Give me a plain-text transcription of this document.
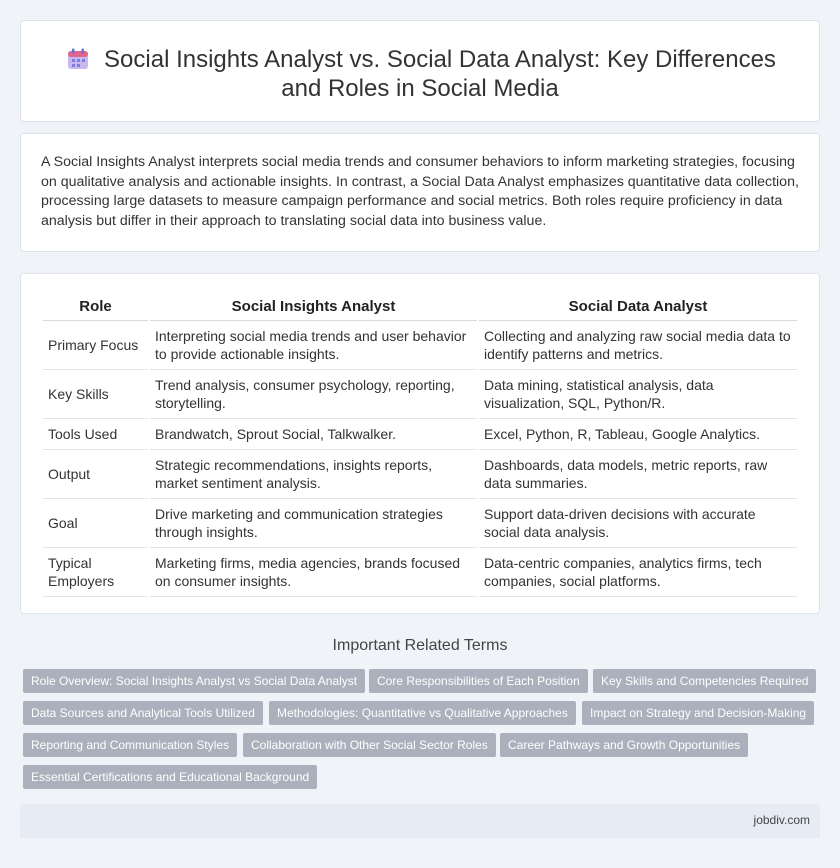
Social Insights Analyst vs. Social Data Analyst: Key Differences
and Roles in Social Media

A Social Insights Analyst interprets social media trends and consumer behaviors to inform marketing strategies, focusing on qualitative analysis and actionable insights. In contrast, a Social Data Analyst emphasizes quantitative data collection, processing large datasets to measure campaign performance and social metrics. Both roles require proficiency in data analysis but differ in their approach to translating social data into business value.

Role	Social Insights Analyst	Social Data Analyst
Primary Focus	Interpreting social media trends and user behavior to provide actionable insights.	Collecting and analyzing raw social media data to identify patterns and metrics.
Key Skills	Trend analysis, consumer psychology, reporting, storytelling.	Data mining, statistical analysis, data visualization, SQL, Python/R.
Tools Used	Brandwatch, Sprout Social, Talkwalker.	Excel, Python, R, Tableau, Google Analytics.
Output	Strategic recommendations, insights reports, market sentiment analysis.	Dashboards, data models, metric reports, raw data summaries.
Goal	Drive marketing and communication strategies through insights.	Support data-driven decisions with accurate social data analysis.
Typical Employers	Marketing firms, media agencies, brands focused on consumer insights.	Data-centric companies, analytics firms, tech companies, social platforms.
Important Related Terms
Role Overview: Social Insights Analyst vs Social Data Analyst	Core Responsibilities of Each Position	Key Skills and Competencies Required
Data Sources and Analytical Tools Utilized	Methodologies: Quantitative vs Qualitative Approaches	Impact on Strategy and Decision-Making
Reporting and Communication Styles	Collaboration with Other Social Sector Roles	Career Pathways and Growth Opportunities
Essential Certifications and Educational Background
jobdiv.com
